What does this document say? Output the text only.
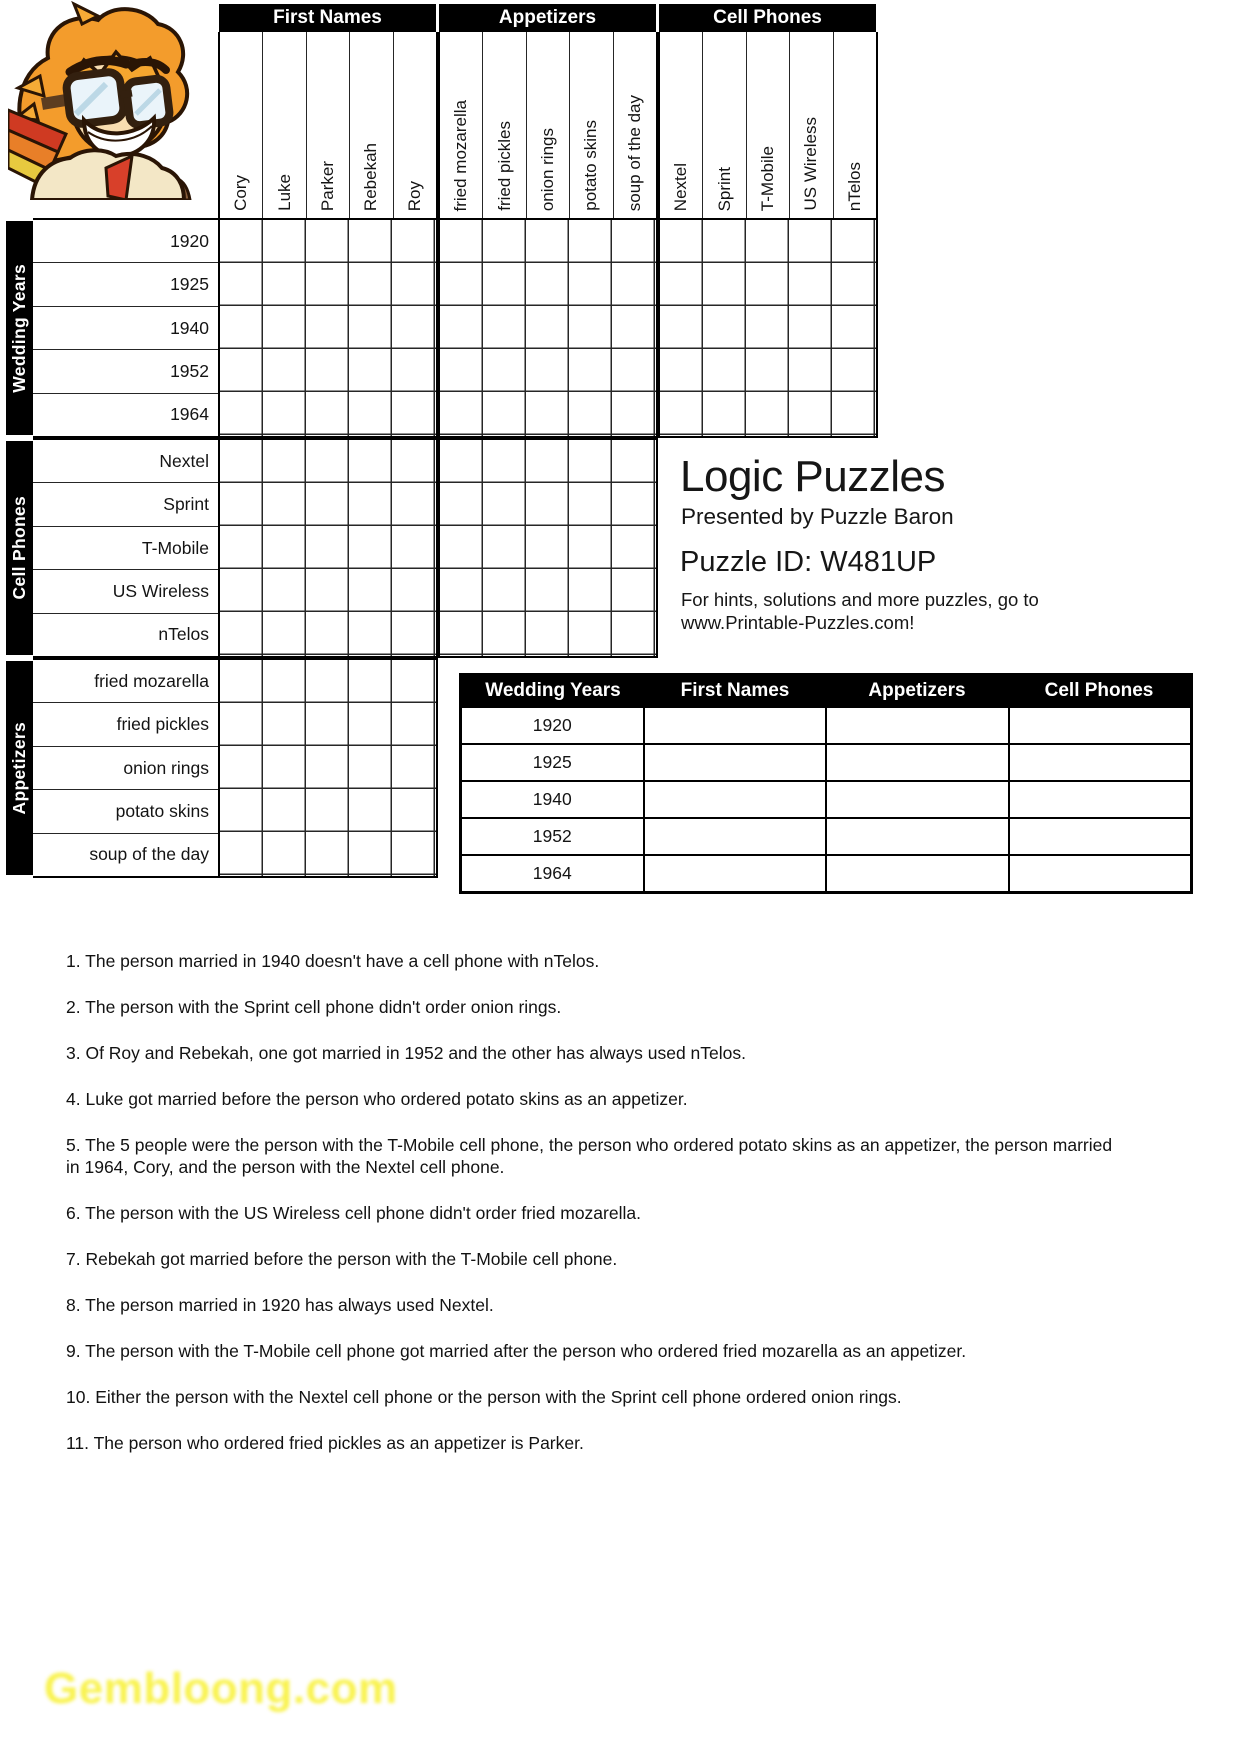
First Names	Appetizers	Cell Phones
Cory Luke Parker Rebekah Roy fried mozarella fried pickles onion rings potato skins soup of the day Nextel Sprint T-Mobile US Wireless nTelos
Wedding Years
Cell Phones
Appetizers
1920
1925
1940
1952
1964
Nextel
Sprint
T-Mobile
US Wireless
nTelos
fried mozarella
fried pickles
onion rings
potato skins
soup of the day
Logic Puzzles
Presented by Puzzle Baron
Puzzle ID: W481UP
For hints, solutions and more puzzles, go to
www.Printable-Puzzles.com!
Wedding Years	First Names	Appetizers	Cell Phones
1920
1925
1940
1952
1964

1. The person married in 1940 doesn't have a cell phone with nTelos.

2. The person with the Sprint cell phone didn't order onion rings.

3. Of Roy and Rebekah, one got married in 1952 and the other has always used nTelos.

4. Luke got married before the person who ordered potato skins as an appetizer.

5. The 5 people were the person with the T-Mobile cell phone, the person who ordered potato skins as an appetizer, the person married in 1964, Cory, and the person with the Nextel cell phone.

6. The person with the US Wireless cell phone didn't order fried mozarella.

7. Rebekah got married before the person with the T-Mobile cell phone.

8. The person married in 1920 has always used Nextel.

9. The person with the T-Mobile cell phone got married after the person who ordered fried mozarella as an appetizer.

10. Either the person with the Nextel cell phone or the person with the Sprint cell phone ordered onion rings.

11. The person who ordered fried pickles as an appetizer is Parker.

Gembloong.com
